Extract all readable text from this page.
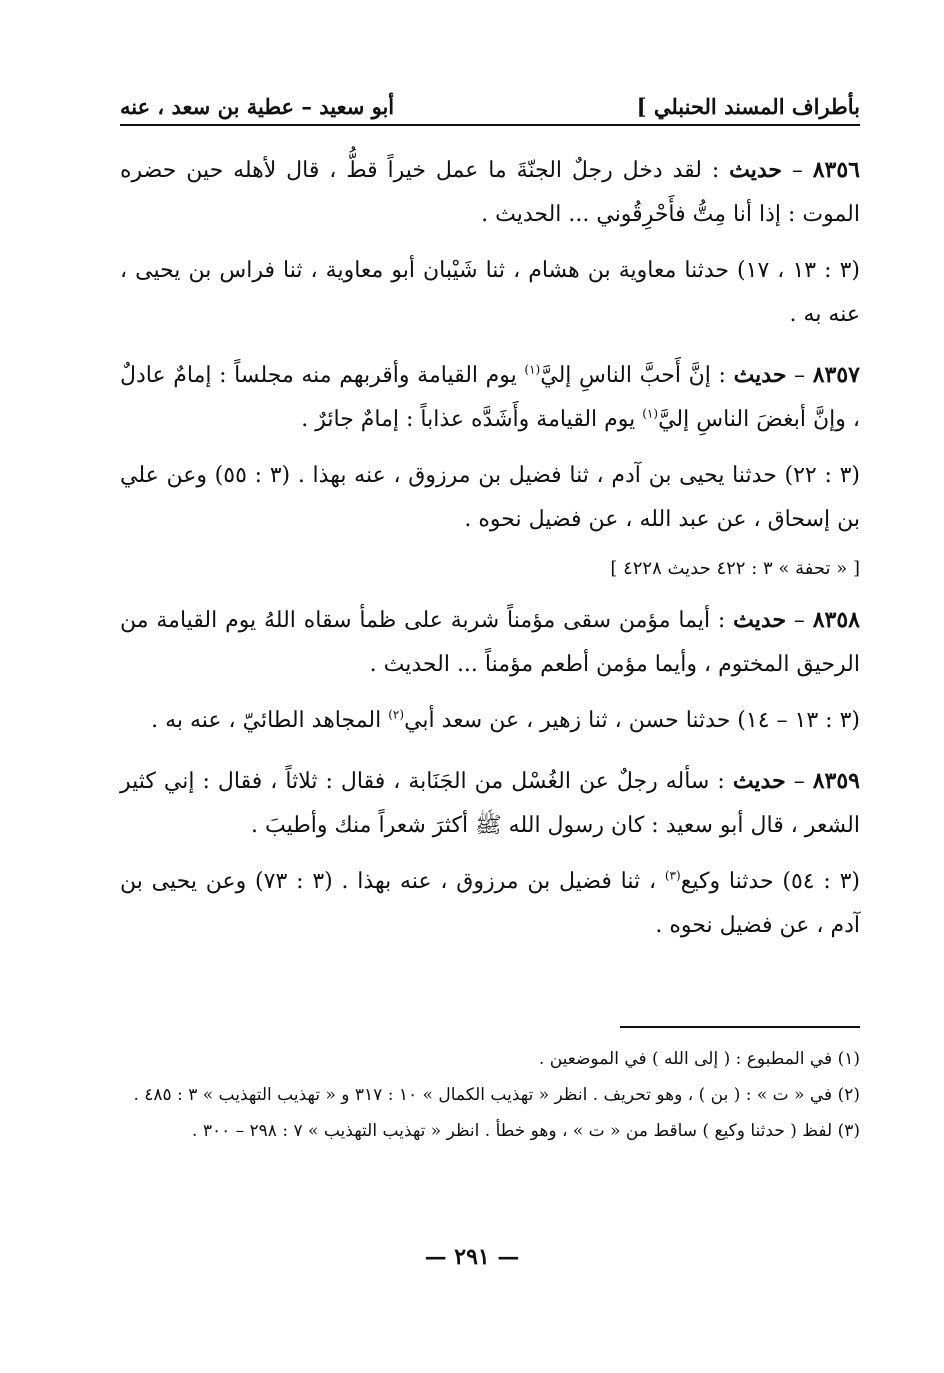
بأطراف المسند الحنبلي ]
أبو سعيد – عطية بن سعد ، عنه

٨٣٥٦ – حديث : لقد دخل رجلٌ الجنّةَ ما عمل خيراً قطُّ ، قال لأهله حين حضره الموت : إذا أنا مِتُّ فأَحْرِقُوني ... الحديث .

(٣ : ١٣ ، ١٧) حدثنا معاوية بن هشام ، ثنا شَيْبان أبو معاوية ، ثنا فراس بن يحيى ، عنه به .

٨٣٥٧ – حديث : إنَّ أَحبَّ الناسِ إليَّ$^{(١)}$ يوم القيامة وأقربهم منه مجلساً : إمامٌ عادلٌ ، وإنَّ أبغضَ الناسِ إليَّ$^{(١)}$ يوم القيامة وأَشَدَّه عذاباً : إمامٌ جائرٌ .

(٣ : ٢٢) حدثنا يحيى بن آدم ، ثنا فضيل بن مرزوق ، عنه بهذا . (٣ : ٥٥) وعن علي بن إسحاق ، عن عبد الله ، عن فضيل نحوه .

[ « تحفة » ٣ : ٤٢٢ حديث ٤٢٢٨ ]

٨٣٥٨ – حديث : أيما مؤمن سقى مؤمناً شربة على ظمأ سقاه اللهُ يوم القيامة من الرحيق المختوم ، وأيما مؤمن أطعم مؤمناً ... الحديث .

(٣ : ١٣ – ١٤) حدثنا حسن ، ثنا زهير ، عن سعد أبي$^{(٢)}$ المجاهد الطائيّ ، عنه به .

٨٣٥٩ – حديث : سأله رجلٌ عن الغُسْل من الجَنَابة ، فقال : ثلاثاً ، فقال : إني كثير الشعر ، قال أبو سعيد : كان رسول الله ﷺ أكثرَ شعراً منك وأطيبَ .

(٣ : ٥٤) حدثنا وكيع$^{(٣)}$ ، ثنا فضيل بن مرزوق ، عنه بهذا . (٣ : ٧٣) وعن يحيى بن آدم ، عن فضيل نحوه .

(١) في المطبوع : ( إلى الله ) في الموضعين .

(٢) في « ت » : ( بن ) ، وهو تحريف . انظر « تهذيب الكمال » ١٠ : ٣١٧ و « تهذيب التهذيب » ٣ : ٤٨٥ .

(٣) لفظ ( حدثنا وكيع ) ساقط من « ت » ، وهو خطأ . انظر « تهذيب التهذيب » ٧ : ٢٩٨ – ٣٠٠ .

— ٢٩١ —
